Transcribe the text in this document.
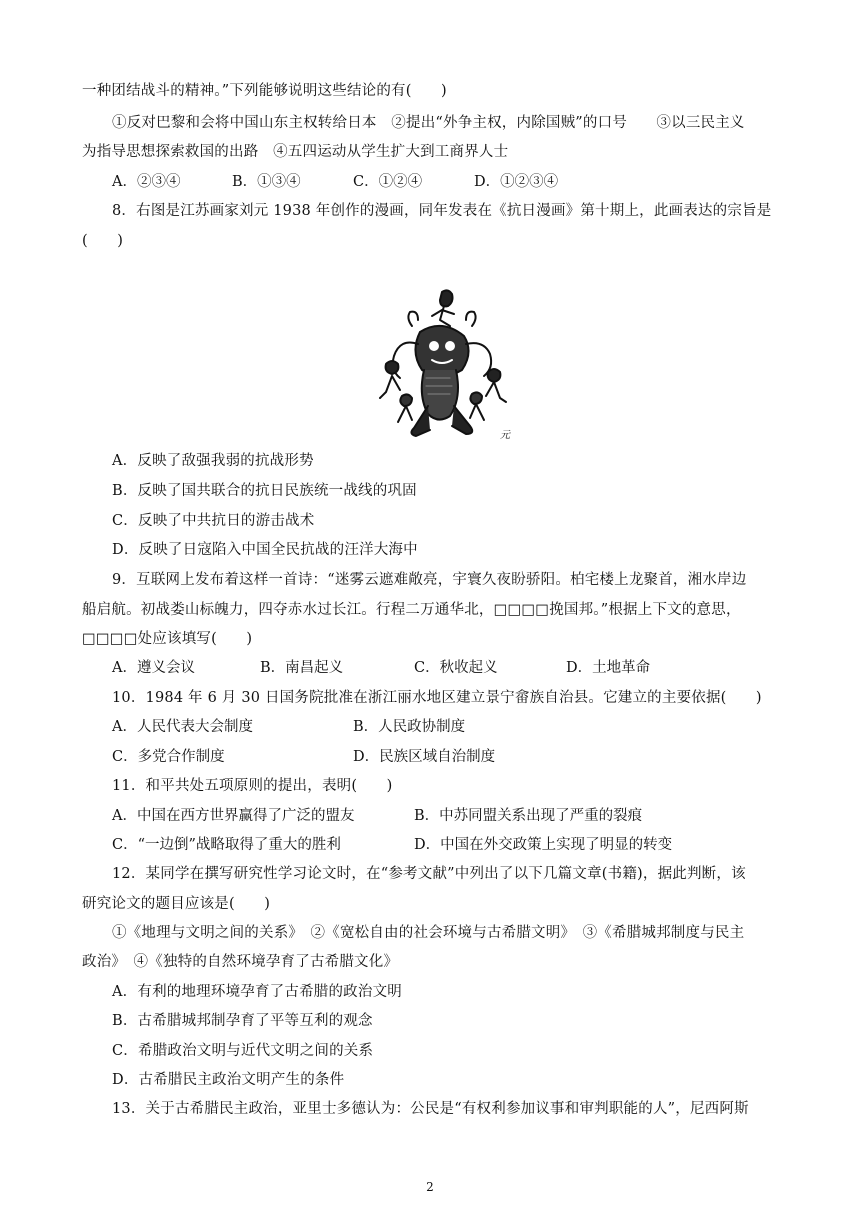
一种团结战斗的精神。”下列能够说明这些结论的有(　　)
①反对巴黎和会将中国山东主权转给日本　②提出“外争主权，内除国贼”的口号　　③以三民主义
为指导思想探索救国的出路　④五四运动从学生扩大到工商界人士
A．②③④	B．①③④	C．①②④	D．①②③④
8．右图是江苏画家刘元 1938 年创作的漫画，同年发表在《抗日漫画》第十期上，此画表达的宗旨是
(　　)
元
A．反映了敌强我弱的抗战形势
B．反映了国共联合的抗日民族统一战线的巩固
C．反映了中共抗日的游击战术
D．反映了日寇陷入中国全民抗战的汪洋大海中
9．互联网上发布着这样一首诗：“迷雾云遮难敞亮，宇寰久夜盼骄阳。柏宅楼上龙聚首，湘水岸边
船启航。初战娄山标魄力，四夺赤水过长江。行程二万通华北，□□□□挽国邦。”根据上下文的意思，
□□□□处应该填写(　　)
A．遵义会议	B．南昌起义	C．秋收起义	D．土地革命
10．1984 年 6 月 30 日国务院批准在浙江丽水地区建立景宁畲族自治县。它建立的主要依据(　　)
A．人民代表大会制度	B．人民政协制度
C．多党合作制度	D．民族区域自治制度
11．和平共处五项原则的提出，表明(　　)
A．中国在西方世界赢得了广泛的盟友	B．中苏同盟关系出现了严重的裂痕
C．“一边倒”战略取得了重大的胜利	D．中国在外交政策上实现了明显的转变
12．某同学在撰写研究性学习论文时，在“参考文献”中列出了以下几篇文章(书籍)，据此判断，该
研究论文的题目应该是(　　)
①《地理与文明之间的关系》　②《宽松自由的社会环境与古希腊文明》　③《希腊城邦制度与民主
政治》　④《独特的自然环境孕育了古希腊文化》
A．有利的地理环境孕育了古希腊的政治文明
B．古希腊城邦制孕育了平等互利的观念
C．希腊政治文明与近代文明之间的关系
D．古希腊民主政治文明产生的条件
13．关于古希腊民主政治，亚里士多德认为：公民是“有权利参加议事和审判职能的人”，尼西阿斯
2
